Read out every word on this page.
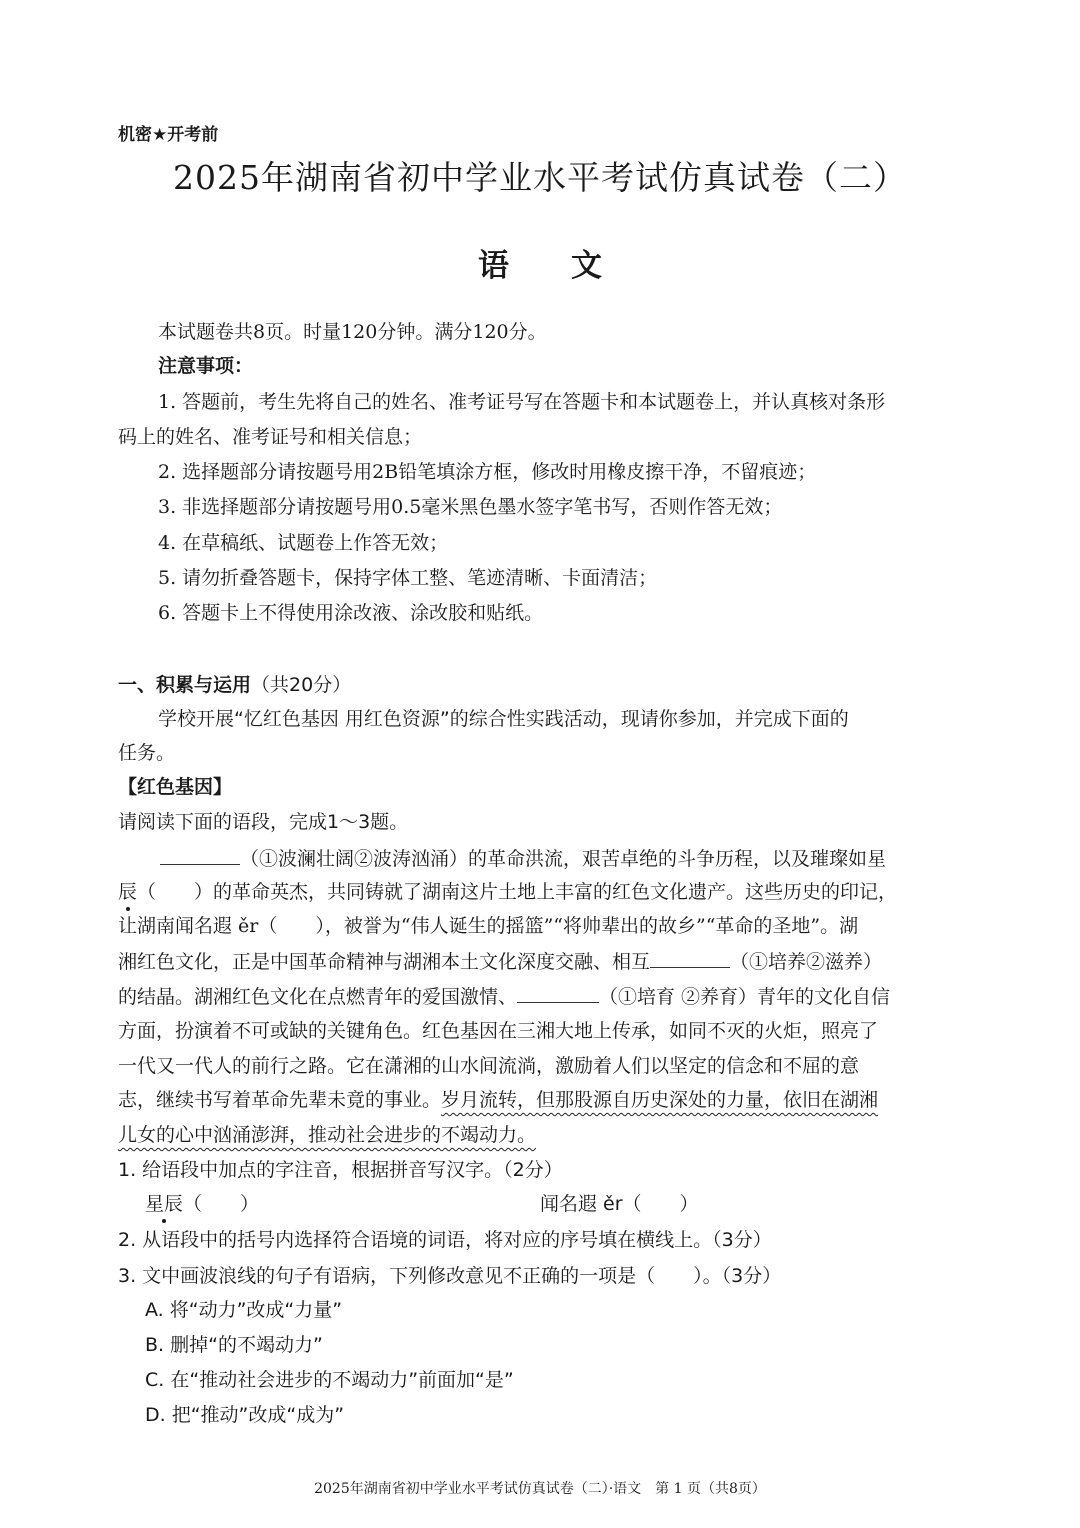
机密★开考前
2025年湖南省初中学业水平考试仿真试卷（二）
语文
本试题卷共8页。时量120分钟。满分120分。
注意事项：
1. 答题前，考生先将自己的姓名、准考证号写在答题卡和本试题卷上，并认真核对条形
码上的姓名、准考证号和相关信息；
2. 选择题部分请按题号用2B铅笔填涂方框，修改时用橡皮擦干净，不留痕迹；
3. 非选择题部分请按题号用0.5毫米黑色墨水签字笔书写，否则作答无效；
4. 在草稿纸、试题卷上作答无效；
5. 请勿折叠答题卡，保持字体工整、笔迹清晰、卡面清洁；
6. 答题卡上不得使用涂改液、涂改胶和贴纸。
一、积累与运用（共20分）
学校开展“忆红色基因 用红色资源”的综合性实践活动，现请你参加，并完成下面的
任务。
【红色基因】
请阅读下面的语段，完成1～3题。
（①波澜壮阔②波涛汹涌）的革命洪流，艰苦卓绝的斗争历程，以及璀璨如星
辰（　　）的革命英杰，共同铸就了湖南这片土地上丰富的红色文化遗产。这些历史的印记，
让湖南闻名遐 ěr（　　），被誉为“伟人诞生的摇篮”“将帅辈出的故乡”“革命的圣地”。湖
湘红色文化，正是中国革命精神与湖湘本土文化深度交融、相互	（①培养②滋养）
的结晶。湖湘红色文化在点燃青年的爱国激情、	（①培育 ②养育）青年的文化自信
方面，扮演着不可或缺的关键角色。红色基因在三湘大地上传承，如同不灭的火炬，照亮了
一代又一代人的前行之路。它在潇湘的山水间流淌，激励着人们以坚定的信念和不屈的意
志，继续书写着革命先辈未竟的事业。岁月流转，但那股源自历史深处的力量，依旧在湖湘
儿女的心中汹涌澎湃，推动社会进步的不竭动力。
1. 给语段中加点的字注音，根据拼音写汉字。（2分）
星辰（　　）	闻名遐 ěr（　　）
2. 从语段中的括号内选择符合语境的词语，将对应的序号填在横线上。（3分）
3. 文中画波浪线的句子有语病，下列修改意见不正确的一项是（　　）。（3分）
A. 将“动力”改成“力量”
B. 删掉“的不竭动力”
C. 在“推动社会进步的不竭动力”前面加“是”
D. 把“推动”改成“成为”
2025年湖南省初中学业水平考试仿真试卷（二）·语文　第 1 页（共8页）
